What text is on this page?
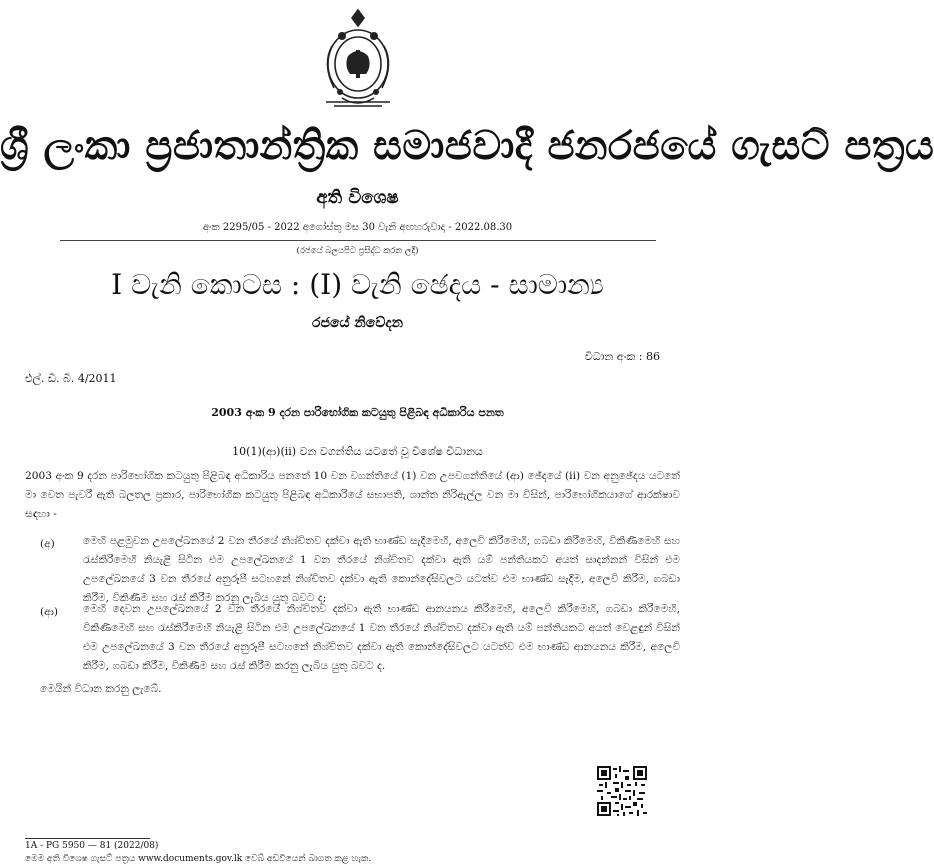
ශ්‍රී ලංකා ප්‍රජාතාන්ත්‍රික සමාජවාදී ජනරජයේ ගැසට් පත්‍රය
අති විශෙෂ
අංක 2295/05 - 2022 අගෝස්තු මස 30 වැනි අඟහරුවාදා - 2022.08.30
(රජයේ බලයපිට ප්‍රසිද්ධ කරන ලදී)
I වැනි කොටස : (I) වැනි ඡෙදය - සාමාන්‍ය
රජයේ නිවේදන
විධාන අංක : 86
එල්. ඩී. බී. 4/2011
2003 අංක 9 දරන පාරිභෝගික කටයුතු පිළිබඳ අධිකාරිය පනත
10(1)(ආ)(ii) වන වගන්තිය යටතේ වූ විශේෂ විධානය
2003 අංක 9 දරන පාරිභෝගික කටයුතු පිළිබඳ අධිකාරිය පනතේ 10 වන වගන්තියේ (1) වන උපවගන්තියේ (ආ) ඡේදයේ (ii) වන අනුඡේදය යටතේ මා වෙත පැවරී ඇති බලතල ප්‍රකාර, පාරිභෝගික කටයුතු පිළිබඳ අධිකාරියේ සභාපති, ශාන්ත නිරිඇල්ල වන මා විසින්, පාරිභෝගිකයාගේ ආරක්ෂාව සඳහා -
(අ)	මෙහි පළමුවන උපලේඛනයේ 2 වන තීරයේ නිශ්චිතව දක්වා ඇති භාණ්ඩ සැදීමෙහි, අලෙවි කිරීමෙහි, ගබඩා කිරීමෙහි, විකිණීමෙහි සහ රැස්කිරීමෙහි නියැළී සිටින එම උපලේඛනයේ 1 වන තීරයේ නිශ්චිතව දක්වා ඇති යම් පන්තියකට අයත් සාදන්නන් විසින් එම උපලේඛනයේ 3 වන තීරයේ අනුරූපී සටහනේ නිශ්චිතව දක්වා ඇති කොන්දේසිවලට යටත්ව එම භාණ්ඩ සැදීම, අලෙවි කිරීම, ගබඩා කිරීම, විකිණීම සහ රැස් කිරීම කරනු ලැබිය යුතු බවට ද;
(ආ) මෙහි දෙවන උපලේඛනයේ 2 වන තීරයේ නිශ්චිතව දක්වා ඇති භාණ්ඩ ආනයනය කිරීමෙහි, අලෙවි කිරීමෙහි, ගබඩා කිරීමෙහි, විකිණීමෙහි සහ රැස්කිරීමෙහි නියැළී සිටින එම උපලේඛනයේ 1 වන තීරයේ නිශ්චිතව දක්වා ඇති යම් පන්තියකට අයත් වෙළඳුන් විසින් එම උපලේඛනයේ 3 වන තීරයේ අනුරූපී සටහනේ නිශ්චිතව දක්වා ඇති කොන්දේසිවලට යටත්ව එම භාණ්ඩ ආනයනය කිරීම, අලෙවි කිරීම, ගබඩා කිරීම, විකිණීම සහ රැස් කිරීම කරනු ලැබිය යුතු බවට ද.
මෙයින් විධාන කරනු ලැබේ.
1A - PG 5950 — 81 (2022/08)
මෙම අති විශෙෂ ගැසට් පත්‍රය www.documents.gov.lk වෙබ් අඩවියෙන් බාගත කළ හැක.
